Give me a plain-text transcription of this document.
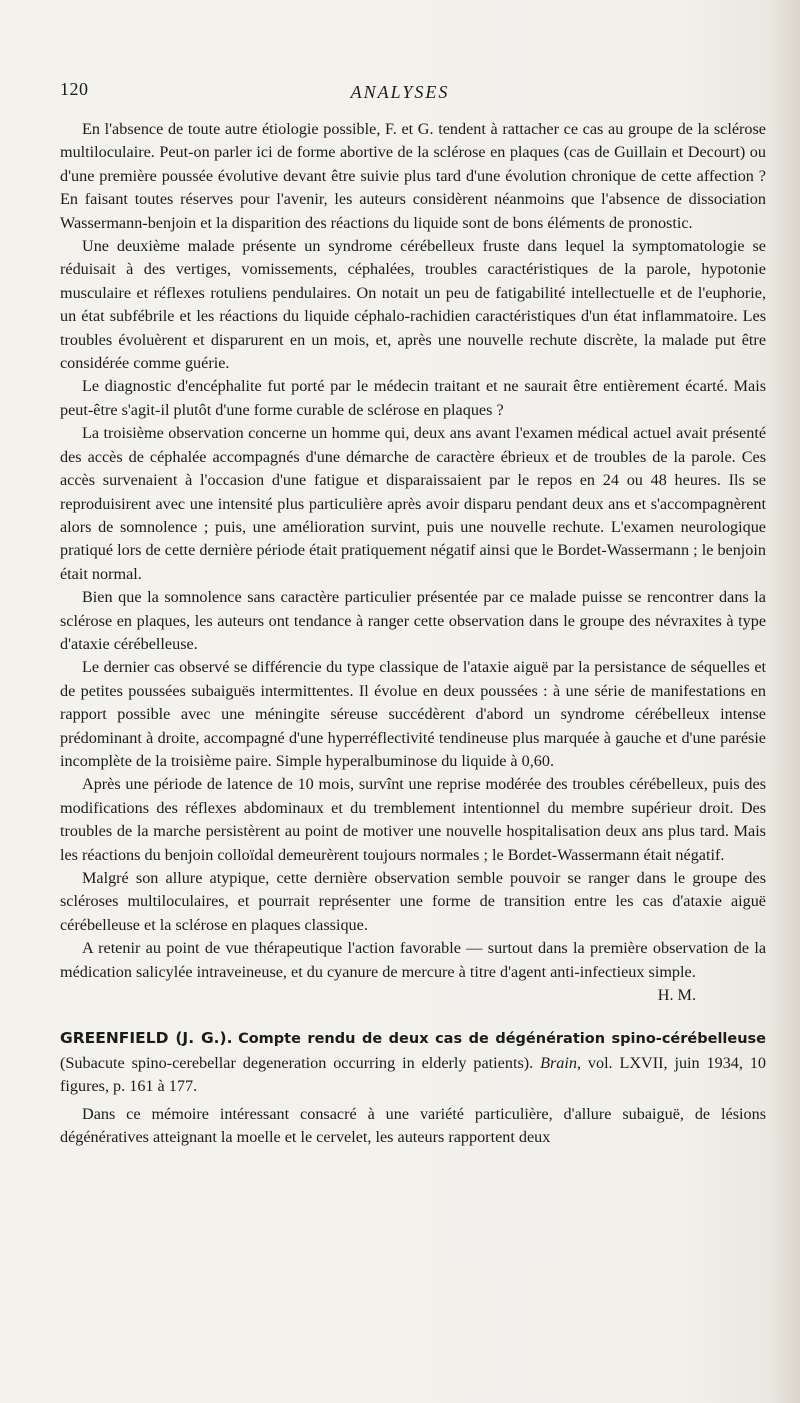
120	ANALYSES

En l'absence de toute autre étiologie possible, F. et G. tendent à rattacher ce cas au groupe de la sclérose multiloculaire. Peut-on parler ici de forme abortive de la sclérose en plaques (cas de Guillain et Decourt) ou d'une première poussée évolutive devant être suivie plus tard d'une évolution chronique de cette affection ? En faisant toutes réserves pour l'avenir, les auteurs considèrent néanmoins que l'absence de dissociation Wassermann-benjoin et la disparition des réactions du liquide sont de bons éléments de pronostic.

Une deuxième malade présente un syndrome cérébelleux fruste dans lequel la symptomatologie se réduisait à des vertiges, vomissements, céphalées, troubles caractéristiques de la parole, hypotonie musculaire et réflexes rotuliens pendulaires. On notait un peu de fatigabilité intellectuelle et de l'euphorie, un état subfébrile et les réactions du liquide céphalo-rachidien caractéristiques d'un état inflammatoire. Les troubles évoluèrent et disparurent en un mois, et, après une nouvelle rechute discrète, la malade put être considérée comme guérie.

Le diagnostic d'encéphalite fut porté par le médecin traitant et ne saurait être entièrement écarté. Mais peut-être s'agit-il plutôt d'une forme curable de sclérose en plaques ?

La troisième observation concerne un homme qui, deux ans avant l'examen médical actuel avait présenté des accès de céphalée accompagnés d'une démarche de caractère ébrieux et de troubles de la parole. Ces accès survenaient à l'occasion d'une fatigue et disparaissaient par le repos en 24 ou 48 heures. Ils se reproduisirent avec une intensité plus particulière après avoir disparu pendant deux ans et s'accompagnèrent alors de somnolence ; puis, une amélioration survint, puis une nouvelle rechute. L'examen neurologique pratiqué lors de cette dernière période était pratiquement négatif ainsi que le Bordet-Wassermann ; le benjoin était normal.

Bien que la somnolence sans caractère particulier présentée par ce malade puisse se rencontrer dans la sclérose en plaques, les auteurs ont tendance à ranger cette observation dans le groupe des névraxites à type d'ataxie cérébelleuse.

Le dernier cas observé se différencie du type classique de l'ataxie aiguë par la persistance de séquelles et de petites poussées subaiguës intermittentes. Il évolue en deux poussées : à une série de manifestations en rapport possible avec une méningite séreuse succédèrent d'abord un syndrome cérébelleux intense prédominant à droite, accompagné d'une hyperréflectivité tendineuse plus marquée à gauche et d'une parésie incomplète de la troisième paire. Simple hyperalbuminose du liquide à 0,60.

Après une période de latence de 10 mois, survînt une reprise modérée des troubles cérébelleux, puis des modifications des réflexes abdominaux et du tremblement intentionnel du membre supérieur droit. Des troubles de la marche persistèrent au point de motiver une nouvelle hospitalisation deux ans plus tard. Mais les réactions du benjoin colloïdal demeurèrent toujours normales ; le Bordet-Wassermann était négatif.

Malgré son allure atypique, cette dernière observation semble pouvoir se ranger dans le groupe des scléroses multiloculaires, et pourrait représenter une forme de transition entre les cas d'ataxie aiguë cérébelleuse et la sclérose en plaques classique.

A retenir au point de vue thérapeutique l'action favorable — surtout dans la première observation de la médication salicylée intraveineuse, et du cyanure de mercure à titre d'agent anti-infectieux simple.
H. M.

GREENFIELD (J. G.). Compte rendu de deux cas de dégénération spino-cérébelleuse (Subacute spino-cerebellar degeneration occurring in elderly patients). Brain, vol. LXVII, juin 1934, 10 figures, p. 161 à 177.

Dans ce mémoire intéressant consacré à une variété particulière, d'allure subaiguë, de lésions dégénératives atteignant la moelle et le cervelet, les auteurs rapportent deux
